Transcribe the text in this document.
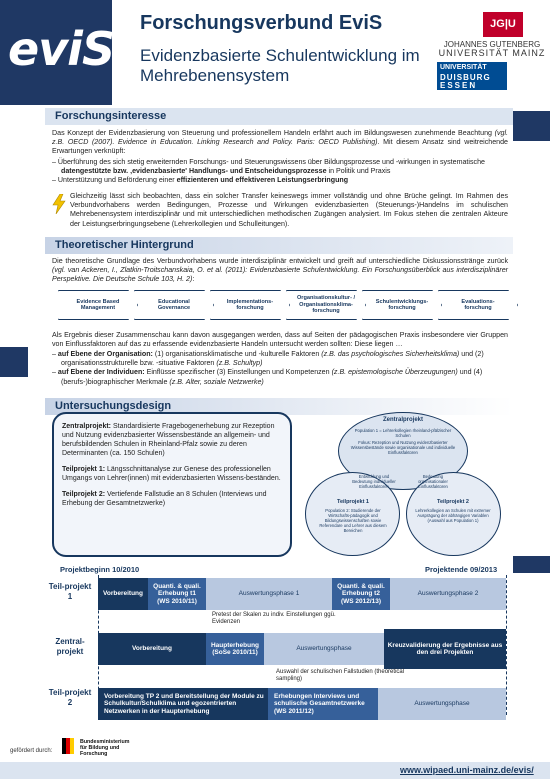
eviS Forschungsverbund EviS
Evidenzbasierte Schulentwicklung im Mehrebenensystem
JG|U
JOHANNES GUTENBERG
UNIVERSITÄT MAINZ
UNIVERSITÄT
DUISBURG
ESSEN
Forschungsinteresse
Das Konzept der Evidenzbasierung von Steuerung und professionellem Handeln erfährt auch im Bildungswesen zunehmende Beachtung (vgl. z.B. OECD (2007). Evidence in Education. Linking Research and Policy. Paris: OECD Publishing). Mit diesem Ansatz sind weitreichende Erwartungen verknüpft:
– Überführung des sich stetig erweiternden Forschungs- und Steuerungswissens über Bildungsprozesse und -wirkungen in systematische datengestützte bzw. ‚evidenzbasierte' Handlungs- und Entscheidungsprozesse in Politik und Praxis
– Unterstützung und Beförderung einer effizienteren und effektiveren Leistungserbringung
Gleichzeitig lässt sich beobachten, dass ein solcher Transfer keineswegs immer vollständig und ohne Brüche gelingt. Im Rahmen des Verbundvorhabens werden Bedingungen, Prozesse und Wirkungen evidenzbasierten (Steuerungs-)Handelns im schulischen Mehrebenensystem interdisziplinär und mit unterschiedlichen methodischen Zugängen analysiert. Im Fokus stehen die zentralen Akteure der Leistungserbringungsebene (Lehrerkollegien und Schulleitungen).
Theoretischer Hintergrund
Die theoretische Grundlage des Verbundvorhabens wurde interdisziplinär entwickelt und greift auf unterschiedliche Diskussionsstränge zurück (vgl. van Ackeren, I., Zlatkin-Troitschanskaia, O. et al. (2011): Evidenzbasierte Schulentwicklung. Ein Forschungsüberblick aus interdisziplinärer Perspektive. Die Deutsche Schule 103, H. 2):
Evidence Based Management
Educational Governance
Implementations-forschung
Organisationskultur- / Organisationsklima-forschung
Schulentwicklungs-forschung
Evaluations-forschung
Als Ergebnis dieser Zusammenschau kann davon ausgegangen werden, dass auf Seiten der pädagogischen Praxis insbesondere vier Gruppen von Einflussfaktoren auf das zu erfassende evidenzbasierte Handeln untersucht werden sollten: Diese liegen …
– auf Ebene der Organisation: (1) organisationsklimatische und -kulturelle Faktoren (z.B. das psychologisches Sicherheitsklima) und (2) organisationsstrukturelle bzw. -situative Faktoren (z.B. Schultyp)
– auf Ebene der Individuen: Einflüsse spezifischer (3) Einstellungen und Kompetenzen (z.B. epistemologische Überzeugungen) und (4) (berufs-)biographischer Merkmale (z.B. Alter, soziale Netzwerke)
Untersuchungsdesign

Zentralprojekt: Standardisierte Fragebogenerhebung zur Rezeption und Nutzung evidenzbasierter Wissensbestände an allgemein- und berufsbildenden Schulen in Rheinland-Pfalz sowie zu deren Determinanten (ca. 150 Schulen)

Teilprojekt 1: Längsschnittanalyse zur Genese des professionellen Umgangs von Lehrer(innen) mit evidenzbasierten Wissens-beständen.

Teilprojekt 2: Vertiefende Fallstudie an 8 Schulen (Interviews und Erhebung der Gesamtnetzwerke)

Zentralprojekt
Population 1 = Lehrerkollegien rheinland-pfälzischer Schulen
Fokus: Rezeption und Nutzung evidenzbasierter Wissensbestände sowie organisationale und individuelle Einflussfaktoren
Entwicklung und Bedeutung individueller Einflussfaktoren
Bedeutung organisationaler Einflussfaktoren
Teilprojekt 1
Population 2: Studierende der Wirtschafts-pädagogik und Bildungswissenschaften sowie Referendare und Lehrer aus diesem Bereichen
Teilprojekt 2
Lehrerkollegien an Schulen mit extremer Ausprägung der abhängigen Variablen (Auswahl aus Population 1)
Projektbeginn 10/2010	Projektende 09/2013
Teil-projekt 1
Zentral-projekt
Teil-projekt 2
Vorbereitung
Quanti. & quali. Erhebung t1 (WS 2010/11)
Auswertungsphase 1
Quanti. & quali. Erhebung t2 (WS 2012/13)
Auswertungsphase 2
Pretest der Skalen zu indiv. Einstellungen ggü. Evidenzen
Vorbereitung
Haupterhebung (SoSe 2010/11)
Auswertungsphase
Kreuzvalidierung der Ergebnisse aus den drei Projekten
Auswahl der schulischen Fallstudien (theoretical sampling)
Vorbereitung TP 2 und Bereitstellung der Module zu Schulkultur/Schulklima und egozentrierten Netzwerken in der Haupterhebung
Erhebungen Interviews und schulische Gesamtnetzwerke (WS 2011/12)
Auswertungsphase
gefördert durch:
Bundesministerium für Bildung und Forschung
www.wipaed.uni-mainz.de/evis/
